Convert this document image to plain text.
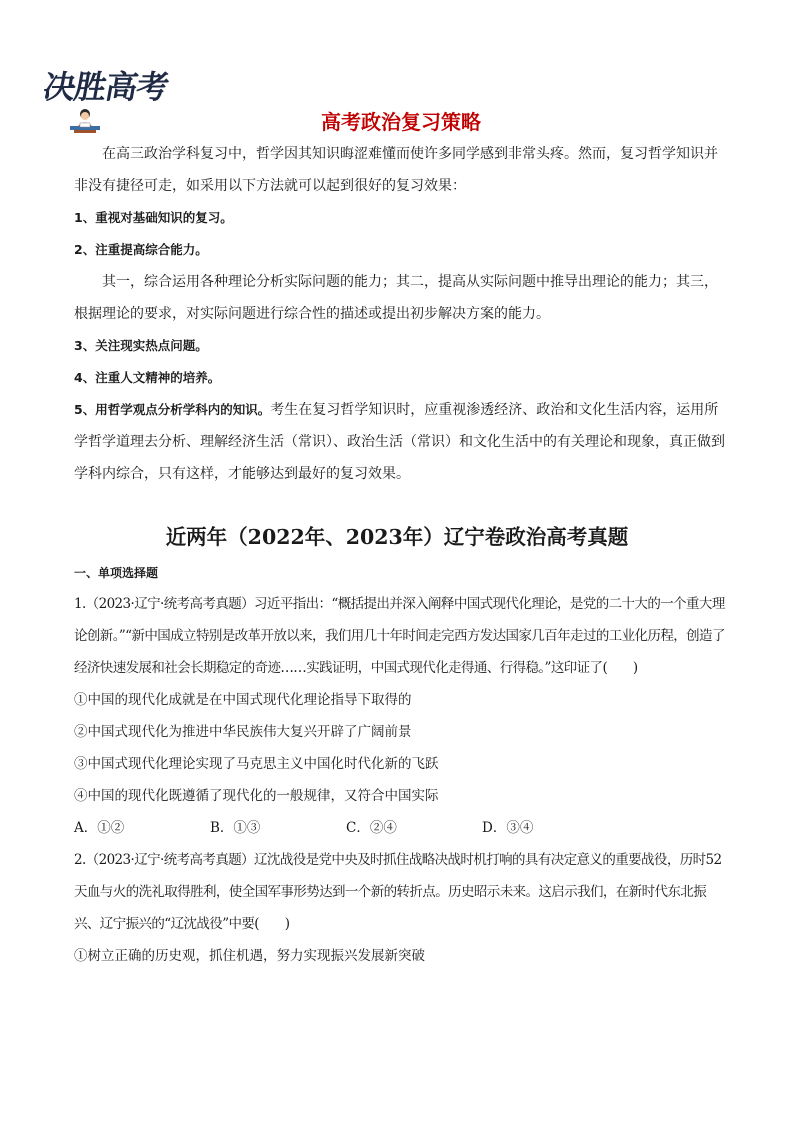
决胜高考
高考政治复习策略

在高三政治学科复习中，哲学因其知识晦涩难懂而使许多同学感到非常头疼。然而，复习哲学知识并非没有捷径可走，如采用以下方法就可以起到很好的复习效果：

1、重视对基础知识的复习。

2、注重提高综合能力。

其一，综合运用各种理论分析实际问题的能力；其二，提高从实际问题中推导出理论的能力；其三，根据理论的要求，对实际问题进行综合性的描述或提出初步解决方案的能力。

3、关注现实热点问题。

4、注重人文精神的培养。

5、用哲学观点分析学科内的知识。考生在复习哲学知识时，应重视渗透经济、政治和文化生活内容，运用所学哲学道理去分析、理解经济生活（常识）、政治生活（常识）和文化生活中的有关理论和现象，真正做到学科内综合，只有这样，才能够达到最好的复习效果。

近两年（2022年、2023年）辽宁卷政治高考真题

一、单项选择题

1.（2023·辽宁·统考高考真题）习近平指出：“概括提出并深入阐释中国式现代化理论，是党的二十大的一个重大理论创新。”“新中国成立特别是改革开放以来，我们用几十年时间走完西方发达国家几百年走过的工业化历程，创造了经济快速发展和社会长期稳定的奇迹……实践证明，中国式现代化走得通、行得稳。”这印证了(　　)

①中国的现代化成就是在中国式现代化理论指导下取得的

②中国式现代化为推进中华民族伟大复兴开辟了广阔前景

③中国式现代化理论实现了马克思主义中国化时代化新的飞跃

④中国的现代化既遵循了现代化的一般规律，又符合中国实际

A．①②	B．①③	C．②④	D．③④

2.（2023·辽宁·统考高考真题）辽沈战役是党中央及时抓住战略决战时机打响的具有决定意义的重要战役，历时52天血与火的洗礼取得胜利，使全国军事形势达到一个新的转折点。历史昭示未来。这启示我们，在新时代东北振兴、辽宁振兴的“辽沈战役”中要(　　)

①树立正确的历史观，抓住机遇，努力实现振兴发展新突破
